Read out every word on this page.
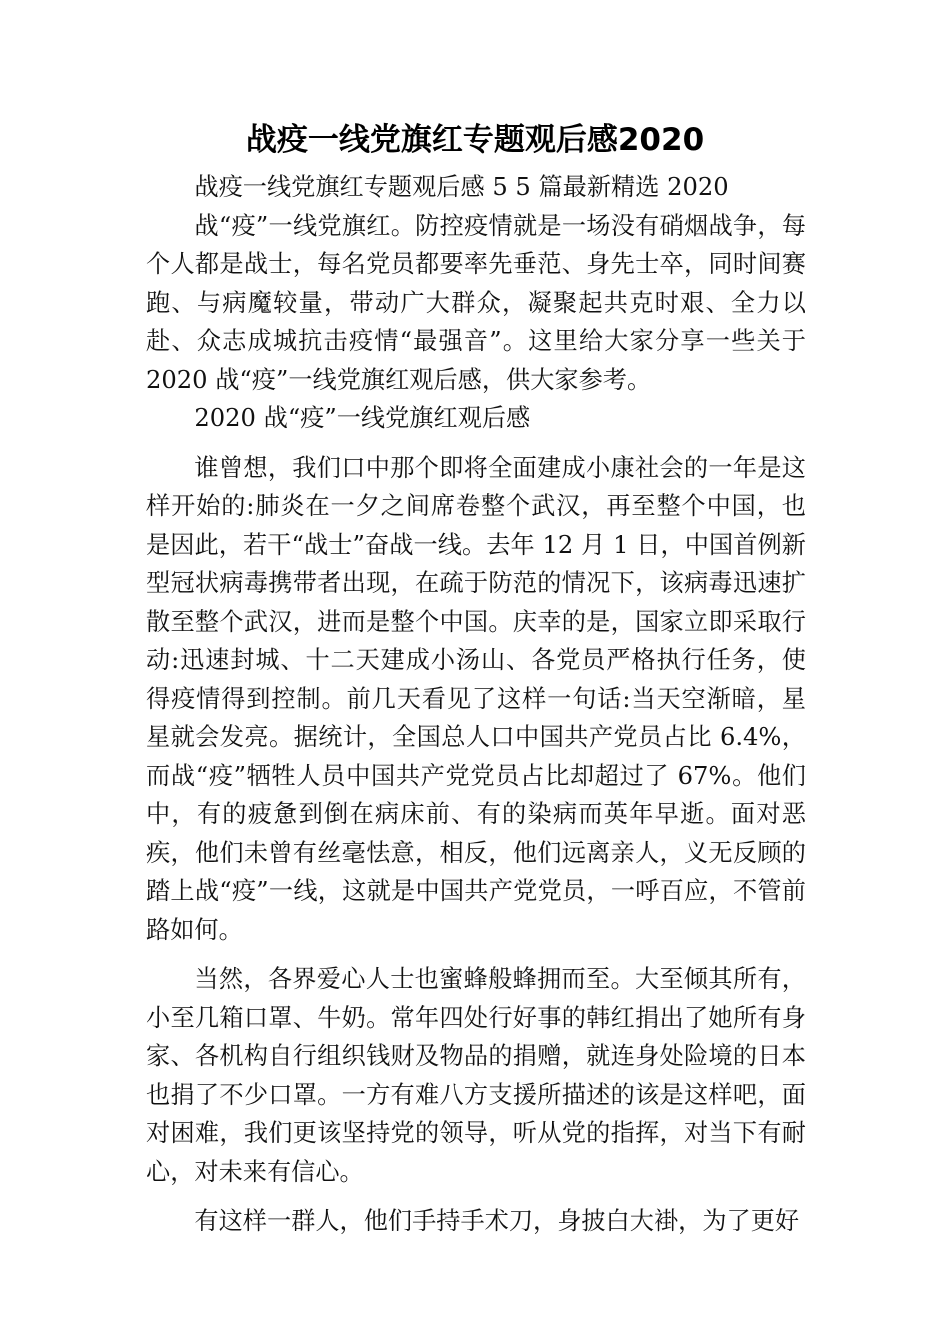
战疫一线党旗红专题观后感2020

战疫一线党旗红专题观后感 5 5 篇最新精选 2020

战“疫”一线党旗红。防控疫情就是一场没有硝烟战争，每个人都是战士，每名党员都要率先垂范、身先士卒，同时间赛跑、与病魔较量，带动广大群众，凝聚起共克时艰、全力以赴、众志成城抗击疫情“最强音”。这里给大家分享一些关于 2020 战“疫”一线党旗红观后感，供大家参考。

2020 战“疫”一线党旗红观后感

谁曾想，我们口中那个即将全面建成小康社会的一年是这样开始的:肺炎在一夕之间席卷整个武汉，再至整个中国，也是因此，若干“战士”奋战一线。去年 12 月 1 日，中国首例新型冠状病毒携带者出现，在疏于防范的情况下，该病毒迅速扩散至整个武汉，进而是整个中国。庆幸的是，国家立即采取行动:迅速封城、十二天建成小汤山、各党员严格执行任务，使得疫情得到控制。前几天看见了这样一句话:当天空渐暗，星星就会发亮。据统计，全国总人口中国共产党员占比 6.4%，而战“疫”牺牲人员中国共产党党员占比却超过了 67%。他们中，有的疲惫到倒在病床前、有的染病而英年早逝。面对恶疾，他们未曾有丝毫怯意，相反，他们远离亲人，义无反顾的踏上战“疫”一线，这就是中国共产党党员，一呼百应，不管前路如何。

当然，各界爱心人士也蜜蜂般蜂拥而至。大至倾其所有，小至几箱口罩、牛奶。常年四处行好事的韩红捐出了她所有身家、各机构自行组织钱财及物品的捐赠，就连身处险境的日本也捐了不少口罩。一方有难八方支援所描述的该是这样吧，面对困难，我们更该坚持党的领导，听从党的指挥，对当下有耐心，对未来有信心。

有这样一群人，他们手持手术刀，身披白大褂，为了更好
